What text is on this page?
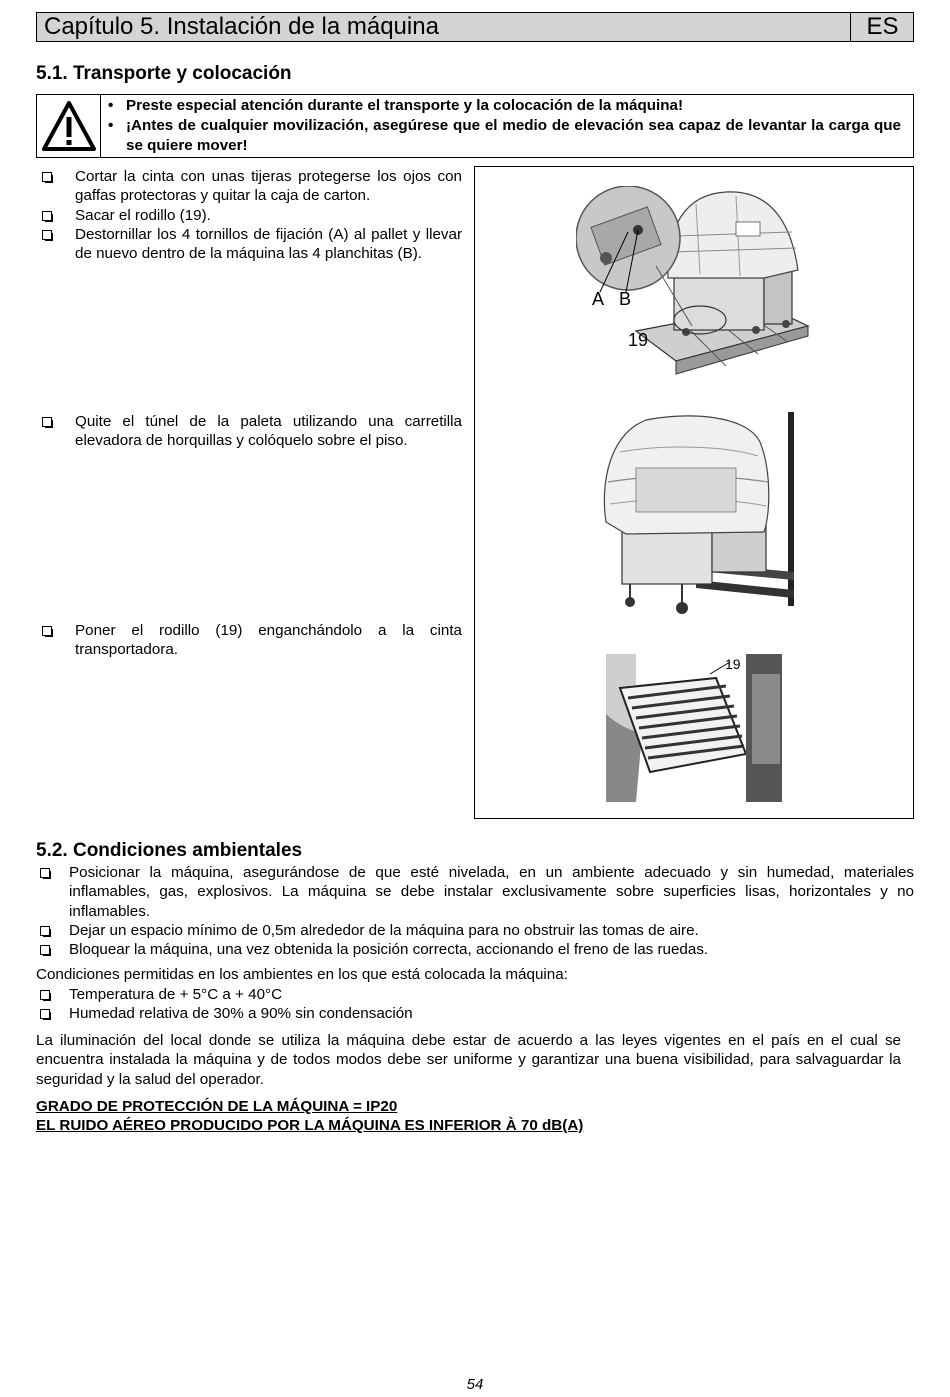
Capítulo 5. Instalación de la máquina	ES
5.1. Transporte y colocación
• Preste especial atención durante el transporte y la colocación de la máquina!
• ¡Antes de cualquier movilización, asegúrese que el medio de elevación sea capaz de levantar la carga que se quiere mover!
Cortar la cinta con unas tijeras protegerse los ojos con gaffas protectoras y quitar la caja de carton.
Sacar el rodillo (19).
Destornillar los 4 tornillos de fijación (A) al pallet y llevar de nuevo dentro de la máquina las 4 planchitas (B).
Quite el túnel de la paleta utilizando una carretilla elevadora de horquillas y colóquelo sobre el piso.
Poner el rodillo (19) enganchándolo a la cinta transportadora.
A B
19
19
5.2. Condiciones ambientales
Posicionar la máquina, asegurándose de que esté nivelada, en un ambiente adecuado y sin humedad, materiales inflamables, gas, explosivos. La máquina se debe instalar exclusivamente sobre superficies lisas, horizontales y no inflamables.
Dejar un espacio mínimo de 0,5m alrededor de la máquina para no obstruir las tomas de aire.
Bloquear la máquina, una vez obtenida la posición correcta, accionando el freno de las ruedas.
Condiciones permitidas en los ambientes en los que está colocada la máquina:
Temperatura de + 5°C a + 40°C
Humedad relativa de 30% a 90% sin condensación
La iluminación del local donde se utiliza la máquina debe estar de acuerdo a las leyes vigentes en el país en el cual se encuentra instalada la máquina y de todos modos debe ser uniforme y garantizar una buena visibilidad, para salvaguardar la seguridad y la salud del operador.
GRADO DE PROTECCIÓN DE LA MÁQUINA = IP20
EL RUIDO AÉREO PRODUCIDO POR LA MÁQUINA ES INFERIOR À 70 dB(A)
54
